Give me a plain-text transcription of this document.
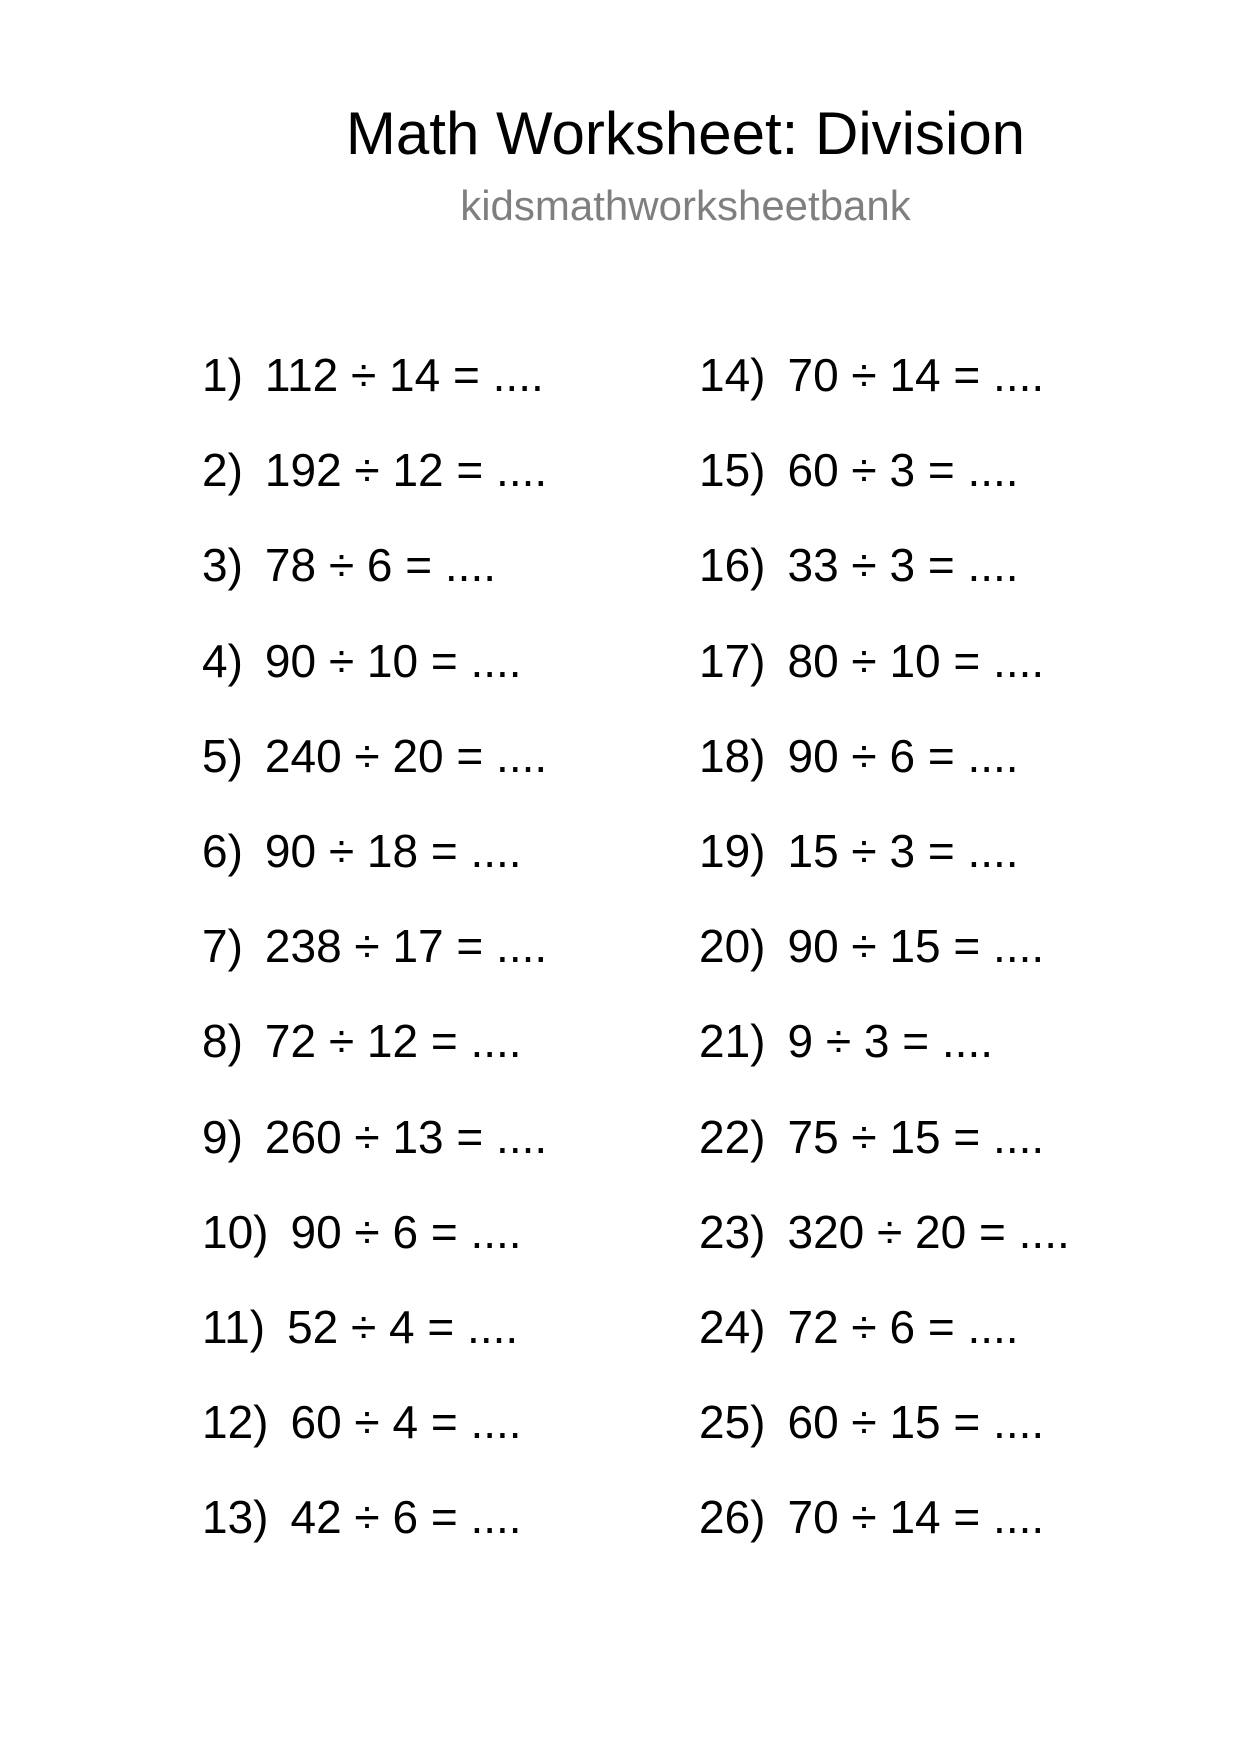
Math Worksheet: Division
kidsmathworksheetbank
1) 112 ÷ 14 = ....
2) 192 ÷ 12 = ....
3) 78 ÷ 6 = ....
4) 90 ÷ 10 = ....
5) 240 ÷ 20 = ....
6) 90 ÷ 18 = ....
7) 238 ÷ 17 = ....
8) 72 ÷ 12 = ....
9) 260 ÷ 13 = ....
10) 90 ÷ 6 = ....
11) 52 ÷ 4 = ....
12) 60 ÷ 4 = ....
13) 42 ÷ 6 = ....
14) 70 ÷ 14 = ....
15) 60 ÷ 3 = ....
16) 33 ÷ 3 = ....
17) 80 ÷ 10 = ....
18) 90 ÷ 6 = ....
19) 15 ÷ 3 = ....
20) 90 ÷ 15 = ....
21) 9 ÷ 3 = ....
22) 75 ÷ 15 = ....
23) 320 ÷ 20 = ....
24) 72 ÷ 6 = ....
25) 60 ÷ 15 = ....
26) 70 ÷ 14 = ....
